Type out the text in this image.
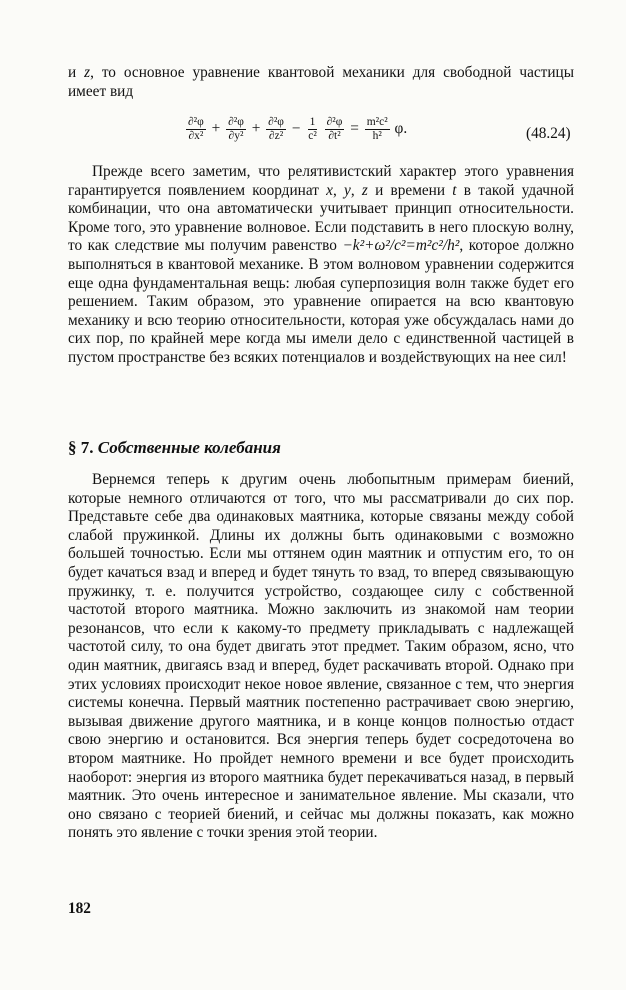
и z, то основное уравнение квантовой механики для свободной частицы имеет вид
$\frac{\text{∂²φ}}{\text{∂x²}} + \frac{\text{∂²φ}}{\text{∂y²}} + \frac{\text{∂²φ}}{\text{∂z²}} - \frac{1}{\text{c²}}$
$\frac{\text{∂²φ}}{\text{∂t²}} = \frac{\text{m²c²}}{\text{h²}} \varphi$.	(48.24)
Прежде всего заметим, что релятивистский характер этого уравнения гарантируется появлением координат x, y, z и времени t в такой удачной комбинации, что она автоматически учитывает принцип относительности. Кроме того, это уравнение волновое. Если подставить в него плоскую волну, то как следствие мы получим равенство −k²+ω²/c²=m²c²/h², которое должно выполняться в квантовой механике. В этом волновом уравнении содержится еще одна фундаментальная вещь: любая суперпозиция волн также будет его решением. Таким образом, это уравнение опирается на всю квантовую механику и всю теорию относительности, которая уже обсуждалась нами до сих пор, по крайней мере когда мы имели дело с единственной частицей в пустом пространстве без всяких потенциалов и воздействующих на нее сил!
§ 7. Собственные колебания
Вернемся теперь к другим очень любопытным примерам биений, которые немного отличаются от того, что мы рассматривали до сих пор. Представьте себе два одинаковых маятника, которые связаны между собой слабой пружинкой. Длины их должны быть одинаковыми с возможно большей точностью. Если мы оттянем один маятник и отпустим его, то он будет качаться взад и вперед и будет тянуть то взад, то вперед связывающую пружинку, т. е. получится устройство, создающее силу с собственной частотой второго маятника. Можно заключить из знакомой нам теории резонансов, что если к какому-то предмету прикладывать с надлежащей частотой силу, то она будет двигать этот предмет. Таким образом, ясно, что один маятник, двигаясь взад и вперед, будет раскачивать второй. Однако при этих условиях происходит некое новое явление, связанное с тем, что энергия системы конечна. Первый маятник постепенно растрачивает свою энергию, вызывая движение другого маятника, и в конце концов полностью отдаст свою энергию и остановится. Вся энергия теперь будет сосредоточена во втором маятнике. Но пройдет немного времени и все будет происходить наоборот: энергия из второго маятника будет перекачиваться назад, в первый маятник. Это очень интересное и занимательное явление. Мы сказали, что оно связано с теорией биений, и сейчас мы должны показать, как можно понять это явление с точки зрения этой теории.
182
